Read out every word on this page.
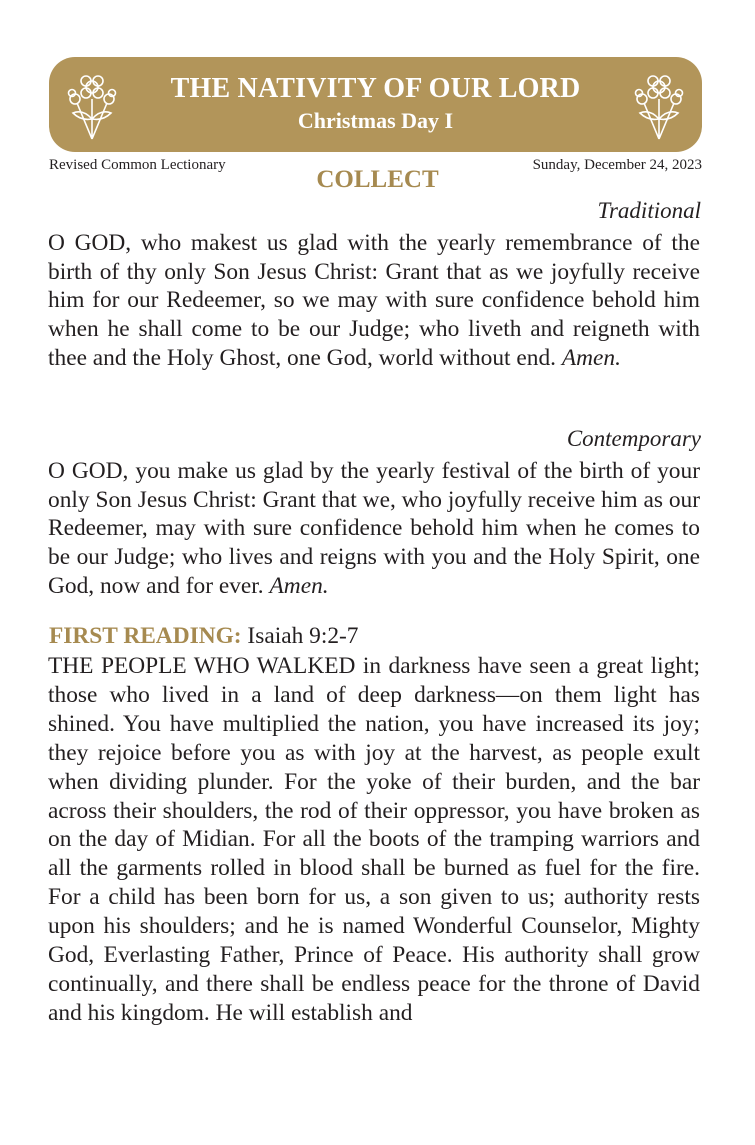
THE NATIVITY OF OUR LORD
Christmas Day I
Revised Common Lectionary	Sunday, December 24, 2023
COLLECT
Traditional

O GOD, who makest us glad with the yearly remembrance of the birth of thy only Son Jesus Christ: Grant that as we joyfully receive him for our Redeemer, so we may with sure confidence behold him when he shall come to be our Judge; who liveth and reigneth with thee and the Holy Ghost, one God, world without end. Amen.

Contemporary

O GOD, you make us glad by the yearly festival of the birth of your only Son Jesus Christ: Grant that we, who joyfully receive him as our Redeemer, may with sure confidence behold him when he comes to be our Judge; who lives and reigns with you and the Holy Spirit, one God, now and for ever. Amen.

FIRST READING: Isaiah 9:2-7

THE PEOPLE WHO WALKED in darkness have seen a great light; those who lived in a land of deep darkness—on them light has shined. You have multiplied the nation, you have increased its joy; they rejoice before you as with joy at the harvest, as people exult when dividing plunder. For the yoke of their burden, and the bar across their shoulders, the rod of their oppressor, you have broken as on the day of Midian. For all the boots of the tramping warriors and all the garments rolled in blood shall be burned as fuel for the fire. For a child has been born for us, a son given to us; authority rests upon his shoulders; and he is named Wonderful Counselor, Mighty God, Everlasting Father, Prince of Peace. His authority shall grow continually, and there shall be endless peace for the throne of David and his kingdom. He will establish and
